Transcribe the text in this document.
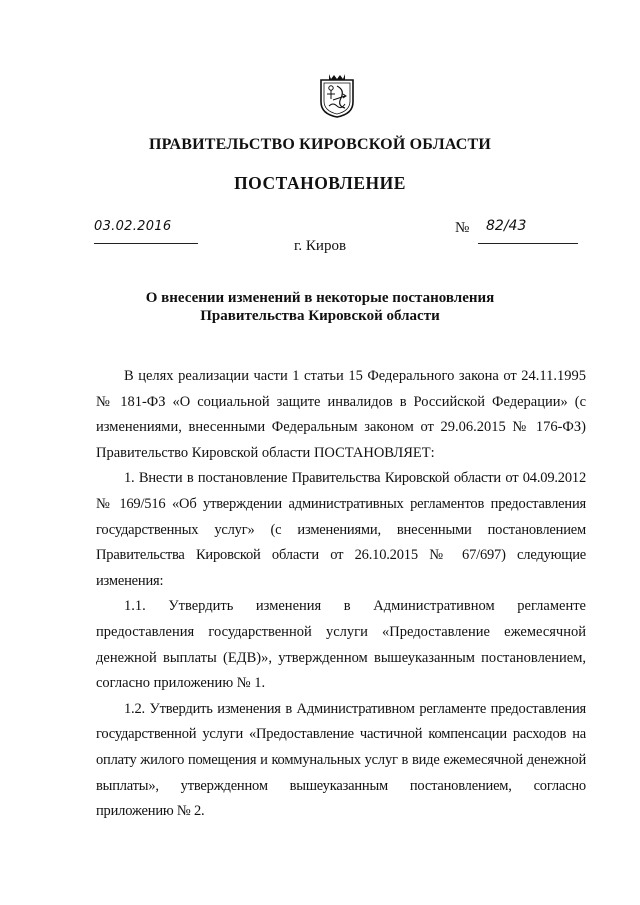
ПРАВИТЕЛЬСТВО КИРОВСКОЙ ОБЛАСТИ
ПОСТАНОВЛЕНИЕ
03.02.2016	№ 82/43
г. Киров
О внесении изменений в некоторые постановления
Правительства Кировской области

В целях реализации части 1 статьи 15 Федерального закона от 24.11.1995 № 181-ФЗ «О социальной защите инвалидов в Российской Федерации» (с изменениями, внесенными Федеральным законом от 29.06.2015 № 176-ФЗ) Правительство Кировской области ПОСТАНОВЛЯЕТ:

1. Внести в постановление Правительства Кировской области от 04.09.2012 № 169/516 «Об утверждении административных регламентов предоставления государственных услуг» (с изменениями, внесенными постановлением Правительства Кировской области от 26.10.2015 № 67/697) следующие изменения:

1.1. Утвердить изменения в Административном регламенте предоставления государственной услуги «Предоставление ежемесячной денежной выплаты (ЕДВ)», утвержденном вышеуказанным постановлением, согласно приложению № 1.

1.2. Утвердить изменения в Административном регламенте предоставления государственной услуги «Предоставление частичной компенсации расходов на оплату жилого помещения и коммунальных услуг в виде ежемесячной денежной выплаты», утвержденном вышеуказанным постановлением, согласно приложению № 2.
